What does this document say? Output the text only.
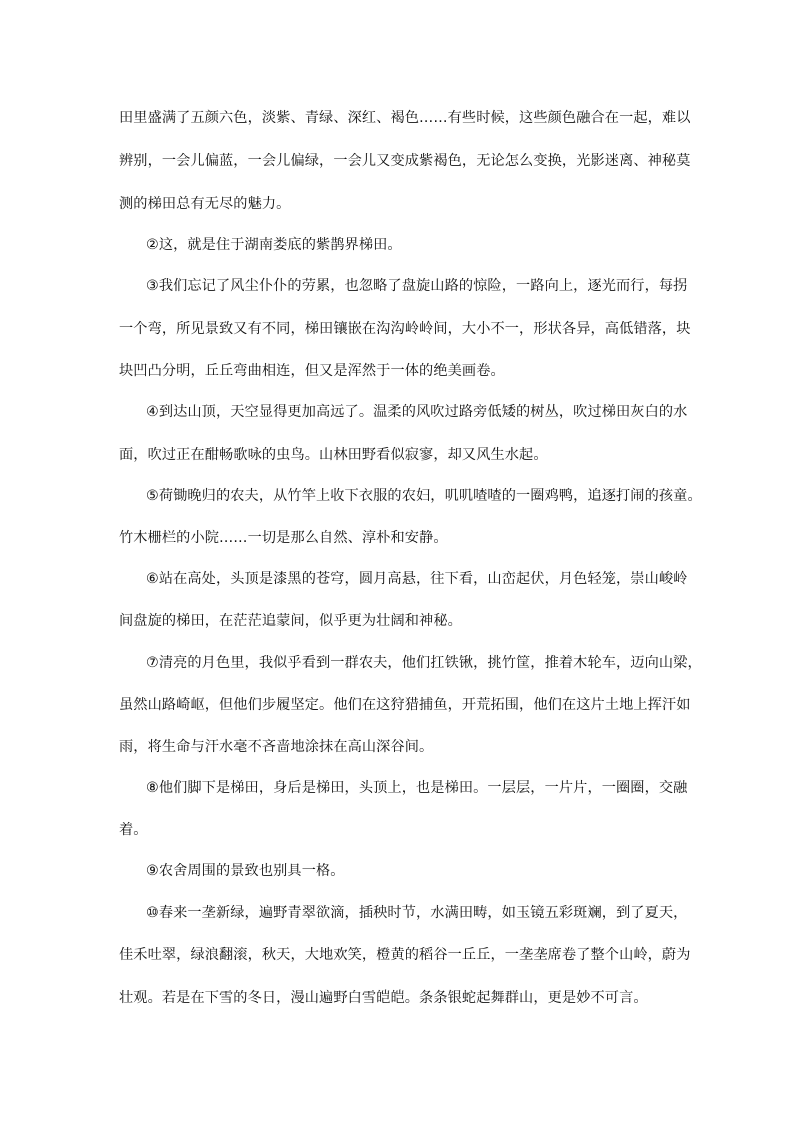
田里盛满了五颜六色，淡紫、青绿、深红、褐色……有些时候，这些颜色融合在一起，难以
辨别，一会儿偏蓝，一会儿偏绿，一会儿又变成紫褐色，无论怎么变换，光影迷离、神秘莫
测的梯田总有无尽的魅力。
②这，就是住于湖南娄底的紫鹊界梯田。
③我们忘记了风尘仆仆的劳累，也忽略了盘旋山路的惊险，一路向上，逐光而行，每拐
一个弯，所见景致又有不同，梯田镶嵌在沟沟岭岭间，大小不一，形状各异，高低错落，块
块凹凸分明，丘丘弯曲相连，但又是浑然于一体的绝美画卷。
④到达山顶，天空显得更加高远了。温柔的风吹过路旁低矮的树丛，吹过梯田灰白的水
面，吹过正在酣畅歌咏的虫鸟。山林田野看似寂寥，却又风生水起。
⑤荷锄晚归的农夫，从竹竿上收下衣服的农妇，叽叽喳喳的一圈鸡鸭，追逐打闹的孩童。
竹木栅栏的小院……一切是那么自然、淳朴和安静。
⑥站在高处，头顶是漆黑的苍穹，圆月高悬，往下看，山峦起伏，月色轻笼，崇山峻岭
间盘旋的梯田，在茫茫追蒙间，似乎更为壮阔和神秘。
⑦清亮的月色里，我似乎看到一群农夫，他们扛铁锹，挑竹筐，推着木轮车，迈向山梁，
虽然山路崎岖，但他们步履坚定。他们在这狩猎捕鱼，开荒拓围，他们在这片土地上挥汗如
雨，将生命与汗水毫不吝啬地涂抹在高山深谷间。
⑧他们脚下是梯田，身后是梯田，头顶上，也是梯田。一层层，一片片，一圈圈，交融
着。
⑨农舍周围的景致也别具一格。
⑩春来一垄新绿，遍野青翠欲滴，插秧时节，水满田畴，如玉镜五彩斑斓，到了夏天，
佳禾吐翠，绿浪翻滚，秋天，大地欢笑，橙黄的稻谷一丘丘，一垄垄席卷了整个山岭，蔚为
壮观。若是在下雪的冬日，漫山遍野白雪皑皑。条条银蛇起舞群山，更是妙不可言。
